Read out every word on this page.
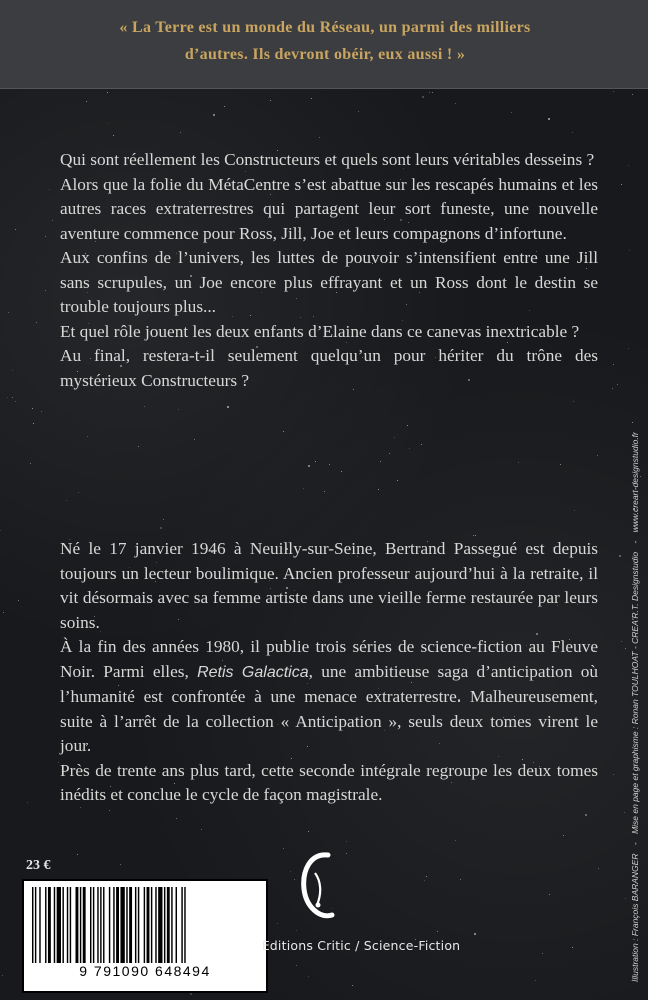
« La Terre est un monde du Réseau, un parmi des milliers
d’autres. Ils devront obéir, eux aussi ! »

Qui sont réellement les Constructeurs et quels sont leurs véritables desseins ?

Alors que la folie du MétaCentre s’est abattue sur les rescapés humains et les autres races extraterrestres qui partagent leur sort funeste, une nouvelle aventure commence pour Ross, Jill, Joe et leurs compagnons d’infortune.

Aux confins de l’univers, les luttes de pouvoir s’intensifient entre une Jill sans scrupules, un Joe encore plus effrayant et un Ross dont le destin se trouble toujours plus...

Et quel rôle jouent les deux enfants d’Elaine dans ce canevas inextricable ?

Au final, restera-t-il seulement quelqu’un pour hériter du trône des mystérieux Constructeurs ?

Né le 17 janvier 1946 à Neuilly-sur-Seine, Bertrand Passegué est depuis toujours un lecteur boulimique. Ancien professeur aujourd’hui à la retraite, il vit désormais avec sa femme artiste dans une vieille ferme restaurée par leurs soins.

À la fin des années 1980, il publie trois séries de science-fiction au Fleuve Noir. Parmi elles, Retis Galactica, une ambitieuse saga d’anticipation où l’humanité est confrontée à une menace extraterrestre. Malheureusement, suite à l’arrêt de la collection « Anticipation », seuls deux tomes virent le jour.

Près de trente ans plus tard, cette seconde intégrale regroupe les deux tomes inédits et conclue le cycle de façon magistrale.

23 €
9 791090 648494
Editions Critic / Science-Fiction	Illustration : François BARANGER - Mise en page et graphisme : Ronan TOULHOAT - CREA’R.T. Designstudio - www.creart-designstudio.fr
